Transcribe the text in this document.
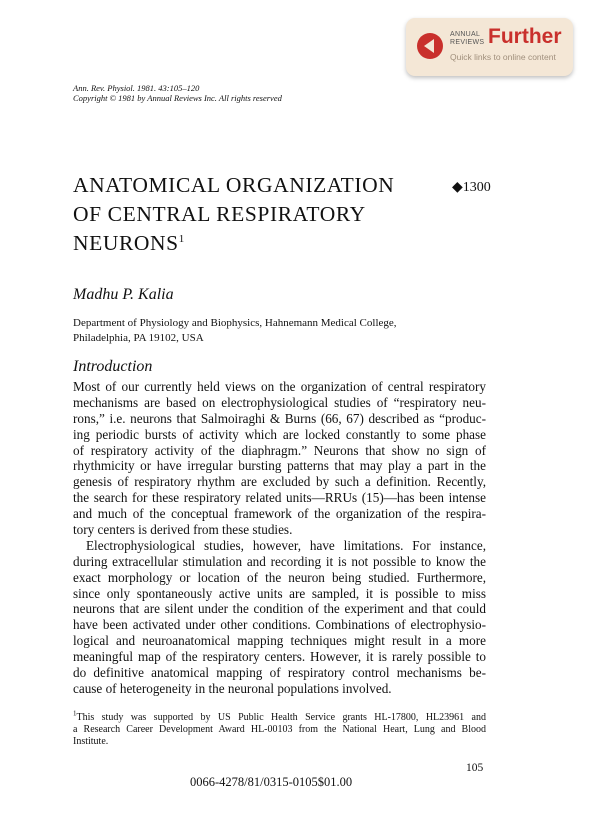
ANNUAL
REVIEWS Further
Quick links to online content
Ann. Rev. Physiol. 1981. 43:105–120
Copyright © 1981 by Annual Reviews Inc. All rights reserved
ANATOMICAL ORGANIZATION
OF CENTRAL RESPIRATORY
NEURONS$^1$
◆1300
Madhu P. Kalia
Department of Physiology and Biophysics, Hahnemann Medical College,
Philadelphia, PA 19102, USA
Introduction
Most of our currently held views on the organization of central respiratory
mechanisms are based on electrophysiological studies of “respiratory neu-
rons,” i.e. neurons that Salmoiraghi & Burns (66, 67) described as “produc-
ing periodic bursts of activity which are locked constantly to some phase
of respiratory activity of the diaphragm.” Neurons that show no sign of
rhythmicity or have irregular bursting patterns that may play a part in the
genesis of respiratory rhythm are excluded by such a definition. Recently,
the search for these respiratory related units—RRUs (15)—has been intense
and much of the conceptual framework of the organization of the respira-
tory centers is derived from these studies.
Electrophysiological studies, however, have limitations. For instance,
during extracellular stimulation and recording it is not possible to know the
exact morphology or location of the neuron being studied. Furthermore,
since only spontaneously active units are sampled, it is possible to miss
neurons that are silent under the condition of the experiment and that could
have been activated under other conditions. Combinations of electrophysio-
logical and neuroanatomical mapping techniques might result in a more
meaningful map of the respiratory centers. However, it is rarely possible to
do definitive anatomical mapping of respiratory control mechanisms be-
cause of heterogeneity in the neuronal populations involved.
$^1$This study was supported by US Public Health Service grants HL-17800, HL23961 and
a Research Career Development Award HL-00103 from the National Heart, Lung and Blood
Institute.
105
0066-4278/81/0315-0105$01.00
